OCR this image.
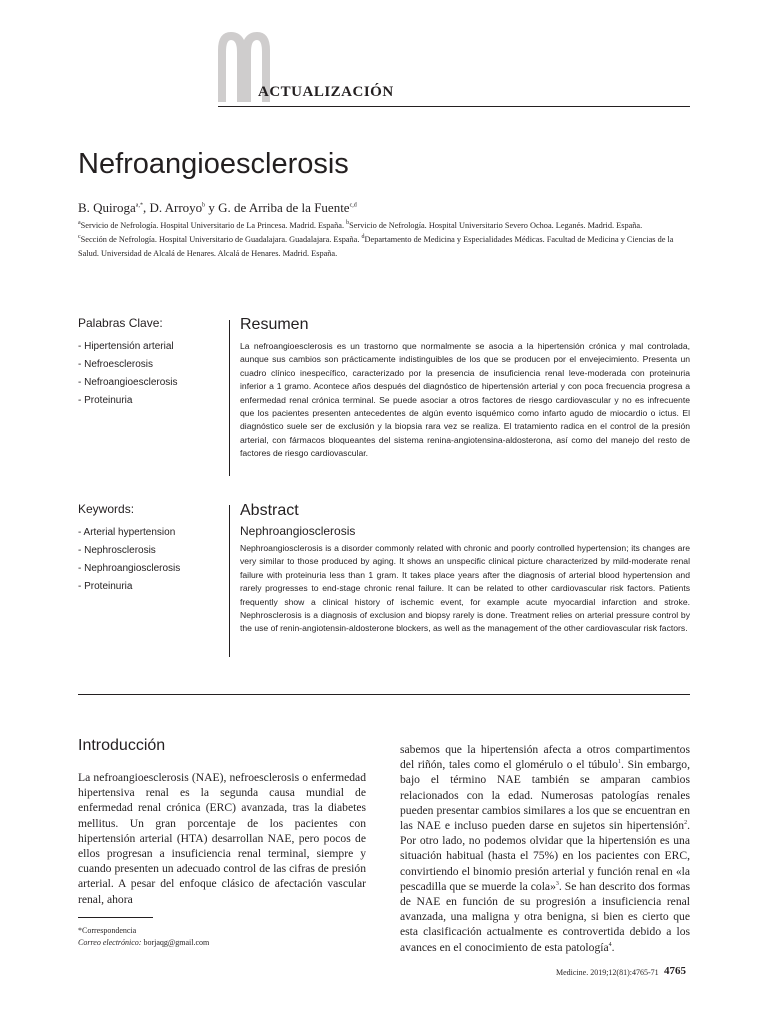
ACTUALIZACIÓN
Nefroangioesclerosis
B. Quiroga$^{a,*}$, D. Arroyo$^b$ y G. de Arriba de la Fuente$^{c,d}$
$^a$Servicio de Nefrología. Hospital Universitario de La Princesa. Madrid. España. $^b$Servicio de Nefrología. Hospital Universitario Severo Ochoa. Leganés. Madrid. España.
$^c$Sección de Nefrología. Hospital Universitario de Guadalajara. Guadalajara. España. $^d$Departamento de Medicina y Especialidades Médicas. Facultad de Medicina y Ciencias de la Salud. Universidad de Alcalá de Henares. Alcalá de Henares. Madrid. España.
Palabras Clave:
- Hipertensión arterial
- Nefroesclerosis
- Nefroangioesclerosis
- Proteinuria
Resumen
La nefroangioesclerosis es un trastorno que normalmente se asocia a la hipertensión crónica y mal controlada, aunque sus cambios son prácticamente indistinguibles de los que se producen por el envejecimiento. Presenta un cuadro clínico inespecífico, caracterizado por la presencia de insuficiencia renal leve-moderada con proteinuria inferior a 1 gramo. Acontece años después del diagnóstico de hipertensión arterial y con poca frecuencia progresa a enfermedad renal crónica terminal. Se puede asociar a otros factores de riesgo cardiovascular y no es infrecuente que los pacientes presenten antecedentes de algún evento isquémico como infarto agudo de miocardio o ictus. El diagnóstico suele ser de exclusión y la biopsia rara vez se realiza. El tratamiento radica en el control de la presión arterial, con fármacos bloqueantes del sistema renina-angiotensina-aldosterona, así como del manejo del resto de factores de riesgo cardiovascular.
Keywords:
- Arterial hypertension
- Nephrosclerosis
- Nephroangiosclerosis
- Proteinuria
Abstract
Nephroangiosclerosis
Nephroangiosclerosis is a disorder commonly related with chronic and poorly controlled hypertension; its changes are very similar to those produced by aging. It shows an unspecific clinical picture characterized by mild-moderate renal failure with proteinuria less than 1 gram. It takes place years after the diagnosis of arterial blood hypertension and rarely progresses to end-stage chronic renal failure. It can be related to other cardiovascular risk factors. Patients frequently show a clinical history of ischemic event, for example acute myocardial infarction and stroke. Nephrosclerosis is a diagnosis of exclusion and biopsy rarely is done. Treatment relies on arterial pressure control by the use of renin-angiotensin-aldosterone blockers, as well as the management of the other cardiovascular risk factors.
Introducción
La nefroangioesclerosis (NAE), nefroesclerosis o enfermedad hipertensiva renal es la segunda causa mundial de enfermedad renal crónica (ERC) avanzada, tras la diabetes mellitus. Un gran porcentaje de los pacientes con hipertensión arterial (HTA) desarrollan NAE, pero pocos de ellos progresan a insuficiencia renal terminal, siempre y cuando presenten un adecuado control de las cifras de presión arterial. A pesar del enfoque clásico de afectación vascular renal, ahora
*Correspondencia
Correo electrónico: borjaqg@gmail.com
sabemos que la hipertensión afecta a otros compartimentos del riñón, tales como el glomérulo o el túbulo$^1$. Sin embargo, bajo el término NAE también se amparan cambios relacionados con la edad. Numerosas patologías renales pueden presentar cambios similares a los que se encuentran en las NAE e incluso pueden darse en sujetos sin hipertensión$^2$. Por otro lado, no podemos olvidar que la hipertensión es una situación habitual (hasta el 75%) en los pacientes con ERC, convirtiendo el binomio presión arterial y función renal en «la pescadilla que se muerde la cola»$^3$. Se han descrito dos formas de NAE en función de su progresión a insuficiencia renal avanzada, una maligna y otra benigna, si bien es cierto que esta clasificación actualmente es controvertida debido a los avances en el conocimiento de esta patología$^4$.
Medicine. 2019;12(81):4765-71 4765
